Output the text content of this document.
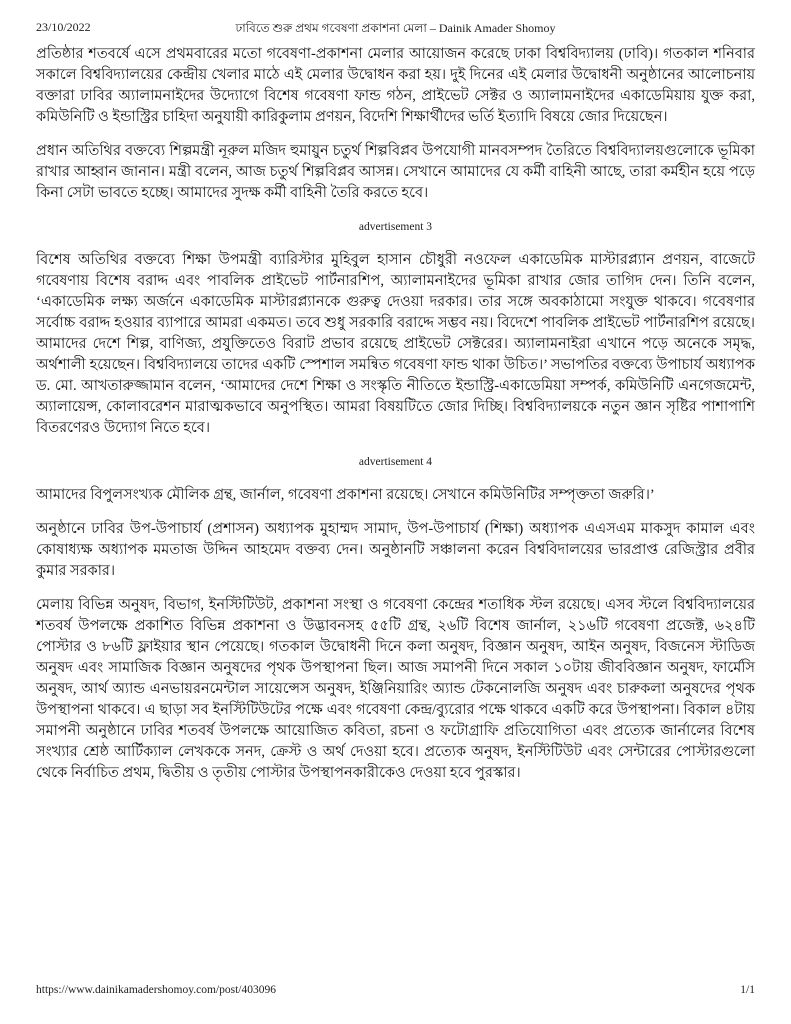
23/10/2022	ঢাবিতে শুরু প্রথম গবেষণা প্রকাশনা মেলা – Dainik Amader Shomoy

প্রতিষ্ঠার শতবর্ষে এসে প্রথমবারের মতো গবেষণা-প্রকাশনা মেলার আয়োজন করেছে ঢাকা বিশ্ববিদ্যালয় (ঢাবি)। গতকাল শনিবার সকালে বিশ্ববিদ্যালয়ের কেন্দ্রীয় খেলার মাঠে এই মেলার উদ্বোধন করা হয়। দুই দিনের এই মেলার উদ্বোধনী অনুষ্ঠানের আলোচনায় বক্তারা ঢাবির অ্যালামনাইদের উদ্যোগে বিশেষ গবেষণা ফান্ড গঠন, প্রাইভেট সেক্টর ও অ্যালামনাইদের একাডেমিয়ায় যুক্ত করা, কমিউনিটি ও ইন্ডাস্ট্রির চাহিদা অনুযায়ী কারিকুলাম প্রণয়ন, বিদেশি শিক্ষার্থীদের ভর্তি ইত্যাদি বিষয়ে জোর দিয়েছেন।

প্রধান অতিথির বক্তব্যে শিল্পমন্ত্রী নূরুল মজিদ হুমায়ুন চতুর্থ শিল্পবিপ্লব উপযোগী মানবসম্পদ তৈরিতে বিশ্ববিদ্যালয়গুলোকে ভূমিকা রাখার আহ্বান জানান। মন্ত্রী বলেন, আজ চতুর্থ শিল্পবিপ্লব আসন্ন। সেখানে আমাদের যে কর্মী বাহিনী আছে, তারা কর্মহীন হয়ে পড়ে কিনা সেটা ভাবতে হচ্ছে। আমাদের সুদক্ষ কর্মী বাহিনী তৈরি করতে হবে।

advertisement 3

বিশেষ অতিথির বক্তব্যে শিক্ষা উপমন্ত্রী ব্যারিস্টার মুহিবুল হাসান চৌধুরী নওফেল একাডেমিক মাস্টারপ্ল্যান প্রণয়ন, বাজেটে গবেষণায় বিশেষ বরাদ্দ এবং পাবলিক প্রাইভেট পার্টনারশিপ, অ্যালামনাইদের ভূমিকা রাখার জোর তাগিদ দেন। তিনি বলেন, ‘একাডেমিক লক্ষ্য অর্জনে একাডেমিক মাস্টারপ্ল্যানকে গুরুত্ব দেওয়া দরকার। তার সঙ্গে অবকাঠামো সংযুক্ত থাকবে। গবেষণার সর্বোচ্চ বরাদ্দ হওয়ার ব্যাপারে আমরা একমত। তবে শুধু সরকারি বরাদ্দে সম্ভব নয়। বিদেশে পাবলিক প্রাইভেট পার্টনারশিপ রয়েছে। আমাদের দেশে শিল্প, বাণিজ্য, প্রযুক্তিতেও বিরাট প্রভাব রয়েছে প্রাইভেট সেক্টরের। অ্যালামনাইরা এখানে পড়ে অনেকে সমৃদ্ধ, অর্থশালী হয়েছেন। বিশ্ববিদ্যালয়ে তাদের একটি স্পেশাল সমন্বিত গবেষণা ফান্ড থাকা উচিত।’ সভাপতির বক্তব্যে উপাচার্য অধ্যাপক ড. মো. আখতারুজ্জামান বলেন, ‘আমাদের দেশে শিক্ষা ও সংস্কৃতি নীতিতে ইন্ডাস্ট্রি-একাডেমিয়া সম্পর্ক, কমিউনিটি এনগেজমেন্ট, অ্যালায়েন্স, কোলাবরেশন মারাত্মকভাবে অনুপস্থিত। আমরা বিষয়টিতে জোর দিচ্ছি। বিশ্ববিদ্যালয়কে নতুন জ্ঞান সৃষ্টির পাশাপাশি বিতরণেরও উদ্যোগ নিতে হবে।

advertisement 4

আমাদের বিপুলসংখ্যক মৌলিক গ্রন্থ, জার্নাল, গবেষণা প্রকাশনা রয়েছে। সেখানে কমিউনিটির সম্পৃক্ততা জরুরি।’

অনুষ্ঠানে ঢাবির উপ-উপাচার্য (প্রশাসন) অধ্যাপক মুহাম্মদ সামাদ, উপ-উপাচার্য (শিক্ষা) অধ্যাপক এএসএম মাকসুদ কামাল এবং কোষাধ্যক্ষ অধ্যাপক মমতাজ উদ্দিন আহমেদ বক্তব্য দেন। অনুষ্ঠানটি সঞ্চালনা করেন বিশ্ববিদালয়ের ভারপ্রাপ্ত রেজিস্ট্রার প্রবীর কুমার সরকার।

মেলায় বিভিন্ন অনুষদ, বিভাগ, ইনস্টিটিউট, প্রকাশনা সংস্থা ও গবেষণা কেন্দ্রের শতাধিক স্টল রয়েছে। এসব স্টলে বিশ্ববিদ্যালয়ের শতবর্ষ উপলক্ষে প্রকাশিত বিভিন্ন প্রকাশনা ও উদ্ভাবনসহ ৫৫টি গ্রন্থ, ২৬টি বিশেষ জার্নাল, ২১৬টি গবেষণা প্রজেক্ট, ৬২৪টি পোস্টার ও ৮৬টি ফ্লাইয়ার স্থান পেয়েছে। গতকাল উদ্বোধনী দিনে কলা অনুষদ, বিজ্ঞান অনুষদ, আইন অনুষদ, বিজনেস স্টাডিজ অনুষদ এবং সামাজিক বিজ্ঞান অনুষদের পৃথক উপস্থাপনা ছিল। আজ সমাপনী দিনে সকাল ১০টায় জীববিজ্ঞান অনুষদ, ফার্মেসি অনুষদ, আর্থ অ্যান্ড এনভায়রনমেন্টাল সায়েন্সেস অনুষদ, ইঞ্জিনিয়ারিং অ্যান্ড টেকনোলজি অনুষদ এবং চারুকলা অনুষদের পৃথক উপস্থাপনা থাকবে। এ ছাড়া সব ইনস্টিটিউটের পক্ষে এবং গবেষণা কেন্দ্র/ব্যুরোর পক্ষে থাকবে একটি করে উপস্থাপনা। বিকাল ৪টায় সমাপনী অনুষ্ঠানে ঢাবির শতবর্ষ উপলক্ষে আয়োজিত কবিতা, রচনা ও ফটোগ্রাফি প্রতিযোগিতা এবং প্রত্যেক জার্নালের বিশেষ সংখ্যার শ্রেষ্ঠ আর্টিক্যাল লেখককে সনদ, ক্রেস্ট ও অর্থ দেওয়া হবে। প্রত্যেক অনুষদ, ইনস্টিটিউট এবং সেন্টারের পোস্টারগুলো থেকে নির্বাচিত প্রথম, দ্বিতীয় ও তৃতীয় পোস্টার উপস্থাপনকারীকেও দেওয়া হবে পুরস্কার।

https://www.dainikamadershomoy.com/post/403096	1/1
